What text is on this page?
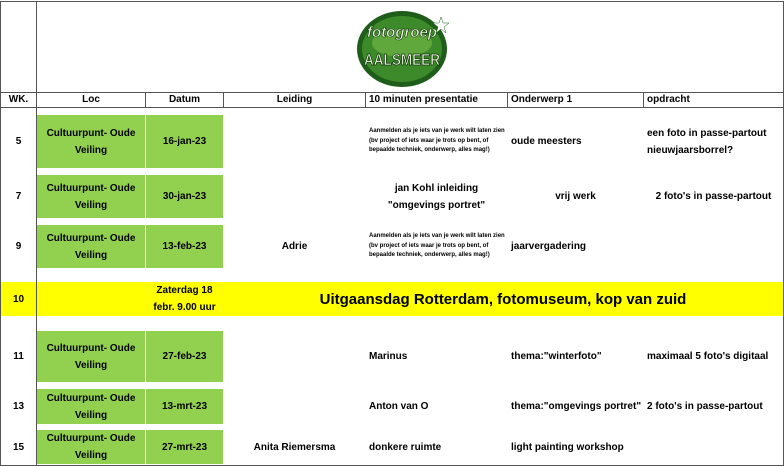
fotogroep
AALSMEER
WK.	Loc	Datum	Leiding	10 minuten presentatie	Onderwerp 1	opdracht
5
Cultuurpunt- Oude Veiling
16-jan-23
Aanmelden als je iets van je werk wilt laten zien (bv project of iets waar je trots op bent, of bepaalde techniek, onderwerp, alles mag!)
oude meesters
een foto in passe-partout nieuwjaarsborrel?
7
Cultuurpunt- Oude Veiling
30-jan-23
jan Kohl inleiding "omgevings portret"
vrij werk	2 foto's in passe-partout
9
Cultuurpunt- Oude Veiling
13-feb-23	Adrie
Aanmelden als je iets van je werk wilt laten zien (bv project of iets waar je trots op bent, of bepaalde techniek, onderwerp, alles mag!)
jaarvergadering
10
Zaterdag 18 febr. 9.00 uur	Uitgaansdag Rotterdam, fotomuseum, kop van zuid
11
Cultuurpunt- Oude Veiling
27-feb-23	Marinus	thema:"winterfoto"	maximaal 5 foto's digitaal
13
Cultuurpunt- Oude Veiling
13-mrt-23	Anton van O	thema:"omgevings portret" 2 foto's in passe-partout
15
Cultuurpunt- Oude Veiling
27-mrt-23	Anita Riemersma	donkere ruimte	light painting workshop
